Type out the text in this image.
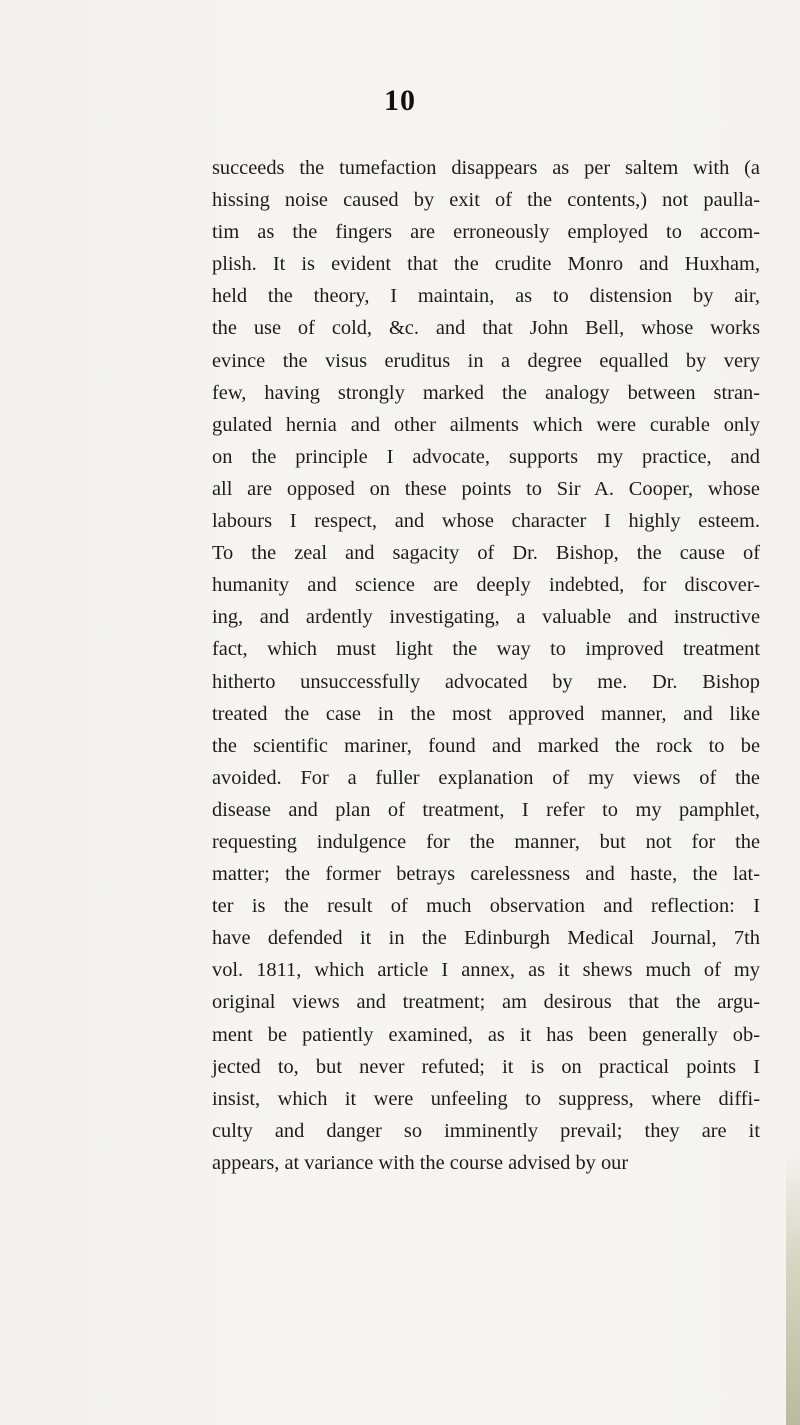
10
succeeds the tumefaction disappears as per saltem with (a
hissing noise caused by exit of the contents,) not paulla-
tim as the fingers are erroneously employed to accom-
plish. It is evident that the crudite Monro and Huxham,
held the theory, I maintain, as to distension by air,
the use of cold, &c. and that John Bell, whose works
evince the visus eruditus in a degree equalled by very
few, having strongly marked the analogy between stran-
gulated hernia and other ailments which were curable only
on the principle I advocate, supports my practice, and
all are opposed on these points to Sir A. Cooper, whose
labours I respect, and whose character I highly esteem.
To the zeal and sagacity of Dr. Bishop, the cause of
humanity and science are deeply indebted, for discover-
ing, and ardently investigating, a valuable and instructive
fact, which must light the way to improved treatment
hitherto unsuccessfully advocated by me. Dr. Bishop
treated the case in the most approved manner, and like
the scientific mariner, found and marked the rock to be
avoided. For a fuller explanation of my views of the
disease and plan of treatment, I refer to my pamphlet,
requesting indulgence for the manner, but not for the
matter; the former betrays carelessness and haste, the lat-
ter is the result of much observation and reflection: I
have defended it in the Edinburgh Medical Journal, 7th
vol. 1811, which article I annex, as it shews much of my
original views and treatment; am desirous that the argu-
ment be patiently examined, as it has been generally ob-
jected to, but never refuted; it is on practical points I
insist, which it were unfeeling to suppress, where diffi-
culty and danger so imminently prevail; they are it
appears, at variance with the course advised by our
